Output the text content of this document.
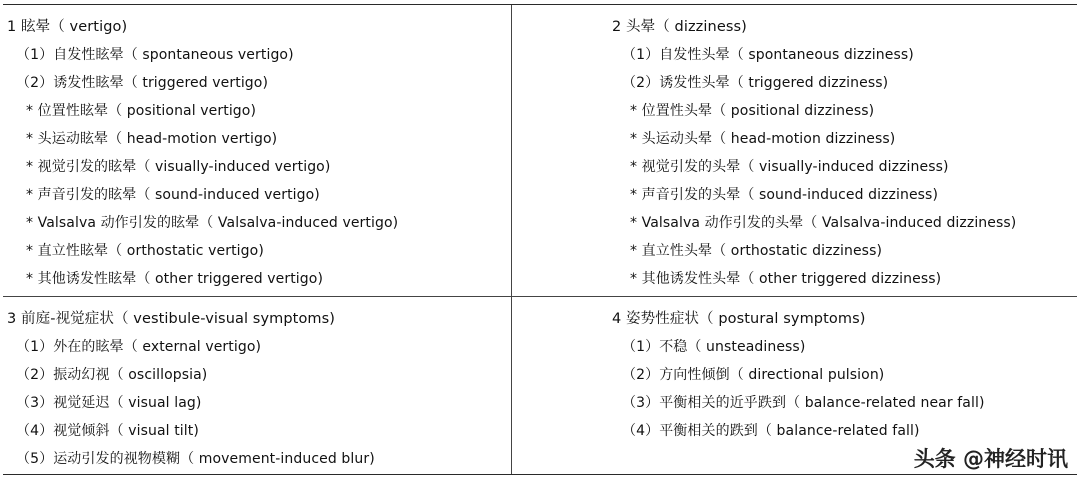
1 眩晕（ vertigo)
（1）自发性眩晕（ spontaneous vertigo)
（2）诱发性眩晕（ triggered vertigo)
* 位置性眩晕（ positional vertigo)
* 头运动眩晕（ head-motion vertigo)
* 视觉引发的眩晕（ visually-induced vertigo)
* 声音引发的眩晕（ sound-induced vertigo)
* Valsalva 动作引发的眩晕（ Valsalva-induced vertigo)
* 直立性眩晕（ orthostatic vertigo)
* 其他诱发性眩晕（ other triggered vertigo)
2 头晕（ dizziness)
（1）自发性头晕（ spontaneous dizziness)
（2）诱发性头晕（ triggered dizziness)
* 位置性头晕（ positional dizziness)
* 头运动头晕（ head-motion dizziness)
* 视觉引发的头晕（ visually-induced dizziness)
* 声音引发的头晕（ sound-induced dizziness)
* Valsalva 动作引发的头晕（ Valsalva-induced dizziness)
* 直立性头晕（ orthostatic dizziness)
* 其他诱发性头晕（ other triggered dizziness)
3 前庭-视觉症状（ vestibule-visual symptoms)
（1）外在的眩晕（ external vertigo)
（2）振动幻视（ oscillopsia)
（3）视觉延迟（ visual lag)
（4）视觉倾斜（ visual tilt)
（5）运动引发的视物模糊（ movement-induced blur)
4 姿势性症状（ postural symptoms)
（1）不稳（ unsteadiness)
（2）方向性倾倒（ directional pulsion)
（3）平衡相关的近乎跌到（ balance-related near fall)
（4）平衡相关的跌到（ balance-related fall)
头条 @神经时讯
